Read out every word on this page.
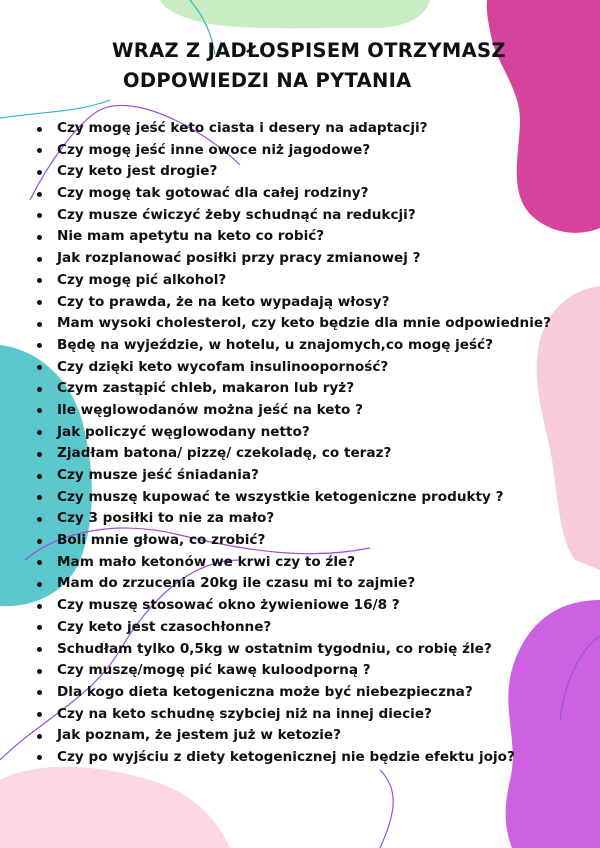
WRAZ Z JADŁOSPISEM OTRZYMASZ
ODPOWIEDZI NA PYTANIA
Czy mogę jeść keto ciasta i desery na adaptacji?
Czy mogę jeść inne owoce niż jagodowe?
Czy keto jest drogie?
Czy mogę tak gotować dla całej rodziny?
Czy musze ćwiczyć żeby schudnąć na redukcji?
Nie mam apetytu na keto co robić?
Jak rozplanować posiłki przy pracy zmianowej ?
Czy mogę pić alkohol?
Czy to prawda, że na keto wypadają włosy?
Mam wysoki cholesterol, czy keto będzie dla mnie odpowiednie?
Będę na wyjeździe, w hotelu, u znajomych,co mogę jeść?
Czy dzięki keto wycofam insulinooporność?
Czym zastąpić chleb, makaron lub ryż?
Ile węglowodanów można jeść na keto ?
Jak policzyć węglowodany netto?
Zjadłam batona/ pizzę/ czekoladę, co teraz?
Czy musze jeść śniadania?
Czy muszę kupować te wszystkie ketogeniczne produkty ?
Czy 3 posiłki to nie za mało?
Boli mnie głowa, co zrobić?
Mam mało ketonów we krwi czy to źle?
Mam do zrzucenia 20kg ile czasu mi to zajmie?
Czy muszę stosować okno żywieniowe 16/8 ?
Czy keto jest czasochłonne?
Schudłam tylko 0,5kg w ostatnim tygodniu, co robię źle?
Czy muszę/mogę pić kawę kuloodporną ?
Dla kogo dieta ketogeniczna może być niebezpieczna?
Czy na keto schudnę szybciej niż na innej diecie?
Jak poznam, że jestem już w ketozie?
Czy po wyjściu z diety ketogenicznej nie będzie efektu jojo?
